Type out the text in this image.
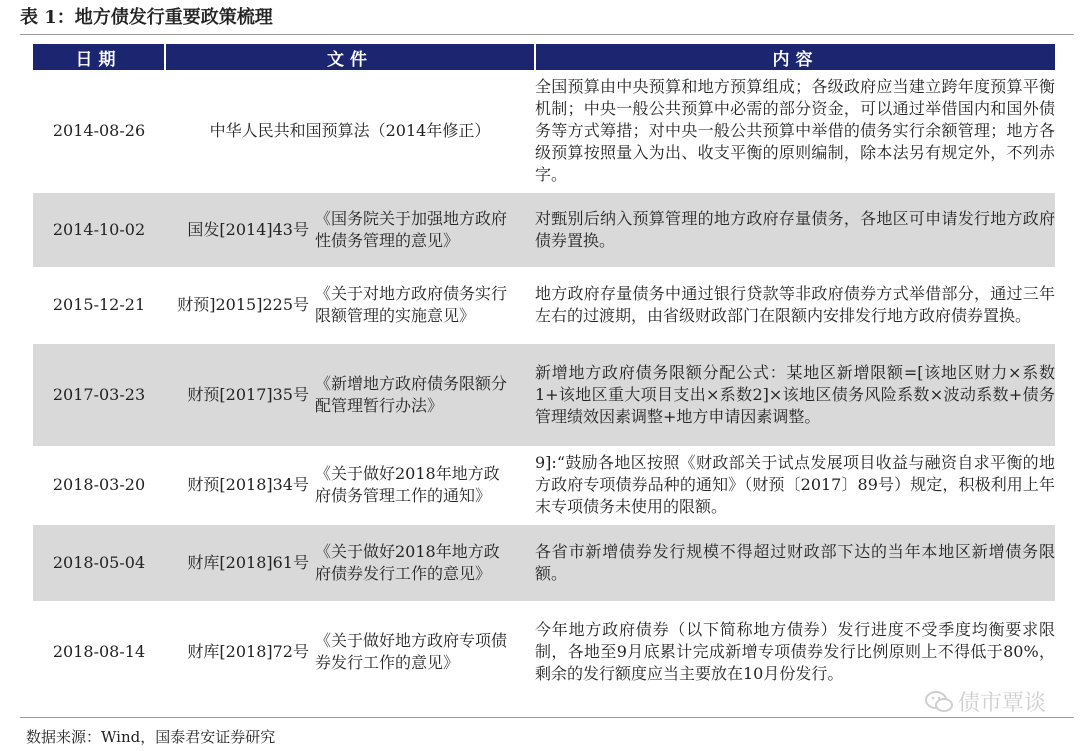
表 1：地方债发行重要政策梳理
日期	文件	内容
2014-08-26	中华人民共和国预算法（2014年修正）	全国预算由中央预算和地方预算组成；各级政府应当建立跨年度预算平衡机制；中央一般公共预算中必需的部分资金，可以通过举借国内和国外债务等方式筹措；对中央一般公共预算中举借的债务实行余额管理；地方各级预算按照量入为出、收支平衡的原则编制，除本法另有规定外，不列赤字。
2014-10-02	国发[2014]43号《国务院关于加强地方政府性债务管理的意见》	对甄别后纳入预算管理的地方政府存量债务，各地区可申请发行地方政府债券置换。
2015-12-21	财预]2015]225号《关于对地方政府债务实行限额管理的实施意见》	地方政府存量债务中通过银行贷款等非政府债券方式举借部分，通过三年左右的过渡期，由省级财政部门在限额内安排发行地方政府债券置换。
2017-03-23	财预[2017]35号《新增地方政府债务限额分配管理暂行办法》	新增地方政府债务限额分配公式：某地区新增限额=[该地区财力×系数1+该地区重大项目支出×系数2]×该地区债务风险系数×波动系数+债务管理绩效因素调整+地方申请因素调整。
2018-03-20	财预[2018]34号《关于做好2018年地方政府债务管理工作的通知》	9]:“鼓励各地区按照《财政部关于试点发展项目收益与融资自求平衡的地方政府专项债券品种的通知》（财预〔2017〕89号）规定，积极利用上年末专项债务未使用的限额。
2018-05-04	财库[2018]61号《关于做好2018年地方政府债券发行工作的意见》	各省市新增债券发行规模不得超过财政部下达的当年本地区新增债务限额。
2018-08-14	财库[2018]72号《关于做好地方政府专项债券发行工作的意见》	今年地方政府债券（以下简称地方债券）发行进度不受季度均衡要求限制，各地至9月底累计完成新增专项债券发行比例原则上不得低于80%，剩余的发行额度应当主要放在10月份发行。
债市覃谈
数据来源：Wind，国泰君安证券研究
